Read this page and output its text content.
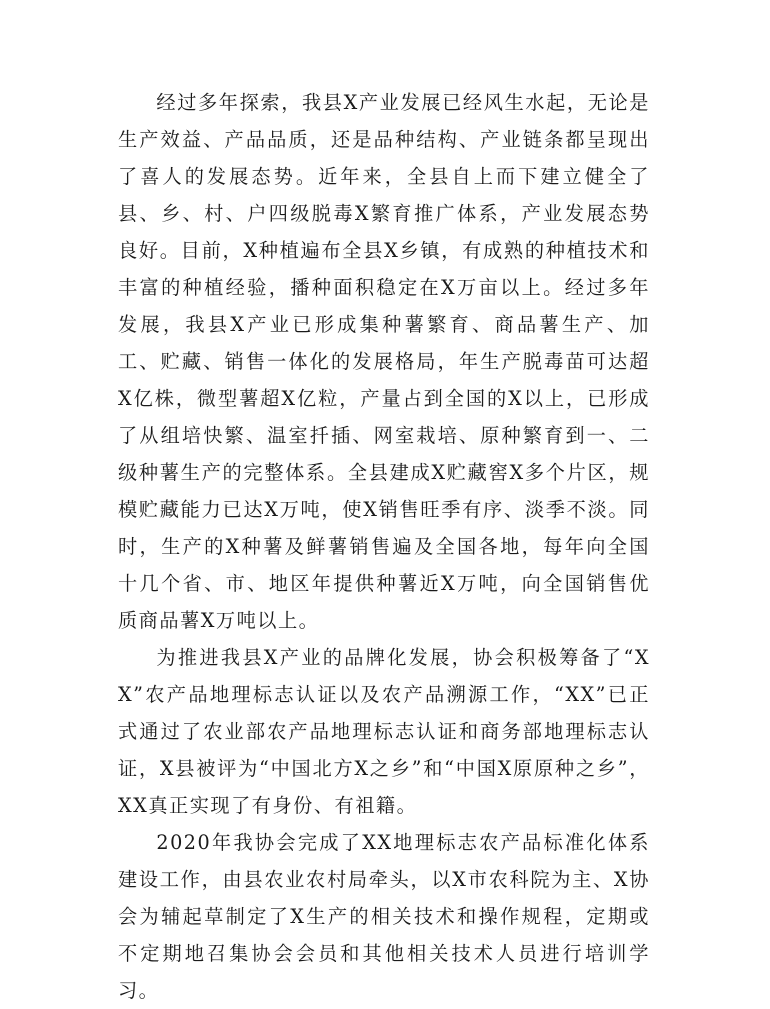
经过多年探索，我县X产业发展已经风生水起，无论是生产效益、产品品质，还是品种结构、产业链条都呈现出了喜人的发展态势。近年来，全县自上而下建立健全了县、乡、村、户四级脱毒X繁育推广体系，产业发展态势良好。目前，X种植遍布全县X乡镇，有成熟的种植技术和丰富的种植经验，播种面积稳定在X万亩以上。经过多年发展，我县X产业已形成集种薯繁育、商品薯生产、加工、贮藏、销售一体化的发展格局，年生产脱毒苗可达超X亿株，微型薯超X亿粒，产量占到全国的X以上，已形成了从组培快繁、温室扦插、网室栽培、原种繁育到一、二级种薯生产的完整体系。全县建成X贮藏窖X多个片区，规模贮藏能力已达X万吨，使X销售旺季有序、淡季不淡。同时，生产的X种薯及鲜薯销售遍及全国各地，每年向全国十几个省、市、地区年提供种薯近X万吨，向全国销售优质商品薯X万吨以上。

为推进我县X产业的品牌化发展，协会积极筹备了“XX”农产品地理标志认证以及农产品溯源工作，“XX”已正式通过了农业部农产品地理标志认证和商务部地理标志认证，X县被评为“中国北方X之乡”和“中国X原原种之乡”，XX真正实现了有身份、有祖籍。

2020年我协会完成了XX地理标志农产品标准化体系建设工作，由县农业农村局牵头，以X市农科院为主、X协会为辅起草制定了X生产的相关技术和操作规程，定期或不定期地召集协会会员和其他相关技术人员进行培训学习。
